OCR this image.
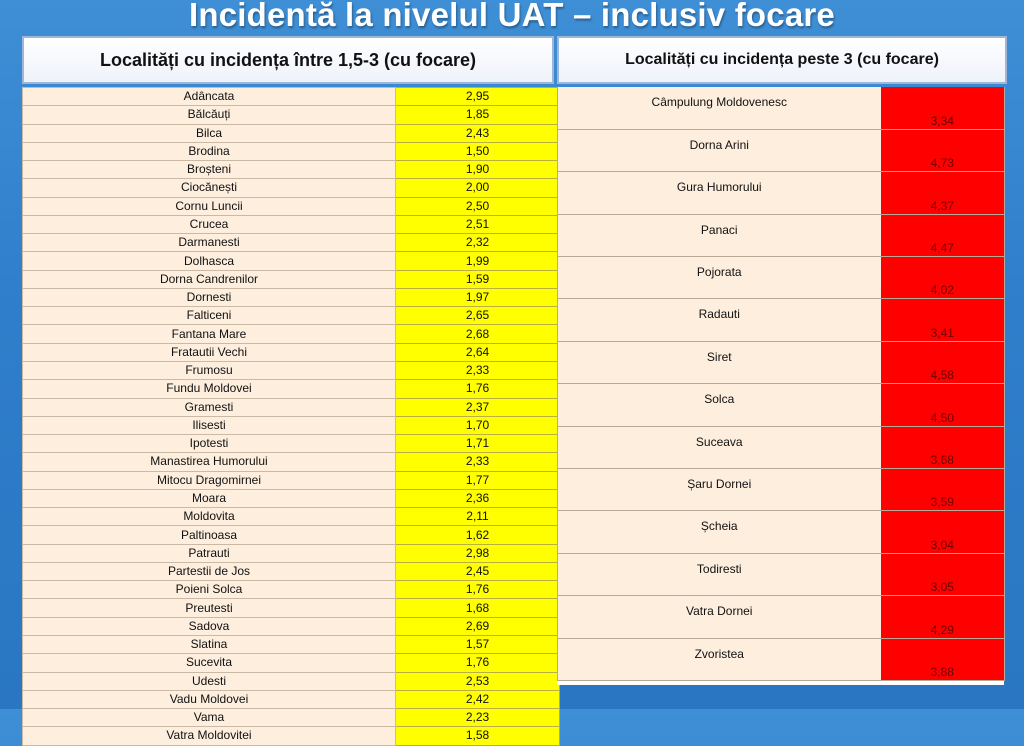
Incidentă la nivelul UAT – inclusiv focare
Localități cu incidența între 1,5-3 (cu focare)	Localități cu incidența peste 3 (cu focare)
Adâncata	2,95
Bălcăuți	1,85
Bilca	2,43
Brodina	1,50
Broșteni	1,90
Ciocănești	2,00
Cornu Luncii	2,50
Crucea	2,51
Darmanesti	2,32
Dolhasca	1,99
Dorna Candrenilor	1,59
Dornesti	1,97
Falticeni	2,65
Fantana Mare	2,68
Fratautii Vechi	2,64
Frumosu	2,33
Fundu Moldovei	1,76
Gramesti	2,37
Ilisesti	1,70
Ipotesti	1,71
Manastirea Humorului	2,33
Mitocu Dragomirnei	1,77
Moara	2,36
Moldovita	2,11
Paltinoasa	1,62
Patrauti	2,98
Partestii de Jos	2,45
Poieni Solca	1,76
Preutesti	1,68
Sadova	2,69
Slatina	1,57
Sucevita	1,76
Udesti	2,53
Vadu Moldovei	2,42
Vama	2,23
Vatra Moldovitei	1,58
Câmpulung Moldovenesc	3,34
Dorna Arini	4,73
Gura Humorului	4,37
Panaci	4,47
Pojorata	4,02
Radauti	3,41
Siret	4,58
Solca	4,50
Suceava	3,68
Șaru Dornei	3,59
Șcheia	3,04
Todiresti	3,05
Vatra Dornei	4,29
Zvoristea	3,88
